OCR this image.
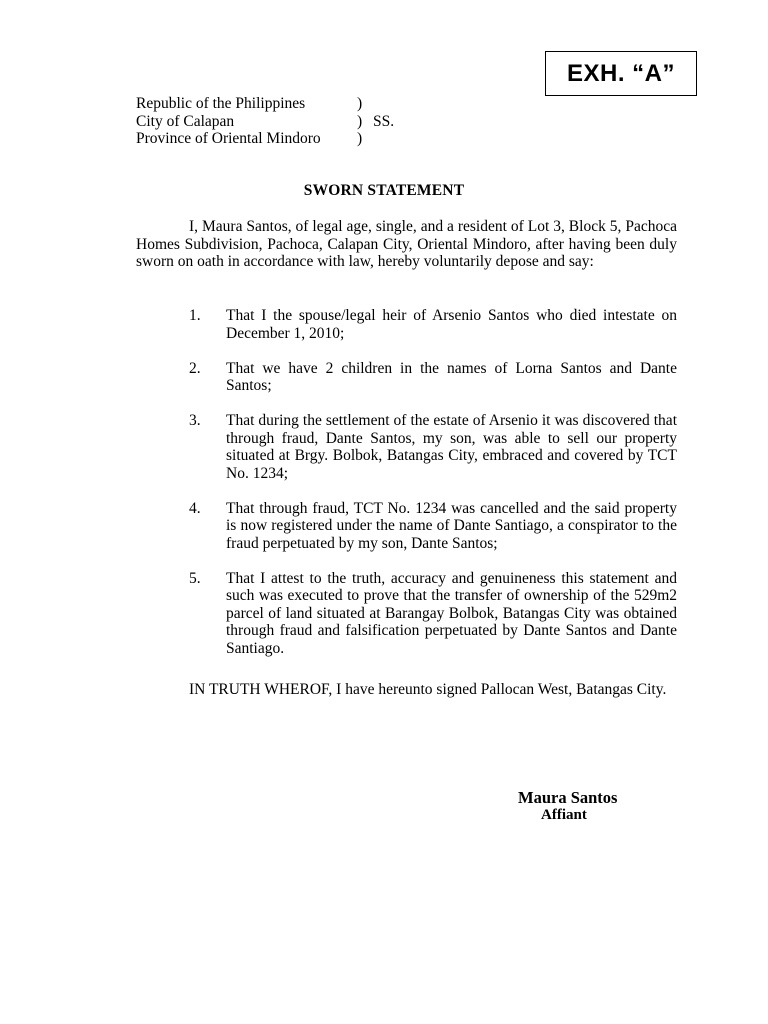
EXH. “A”
Republic of the Philippines	)
City of Calapan	) SS.
Province of Oriental Mindoro	)
SWORN STATEMENT

I, Maura Santos, of legal age, single, and a resident of Lot 3, Block 5, Pachoca Homes Subdivision, Pachoca, Calapan City, Oriental Mindoro, after having been duly sworn on oath in accordance with law, hereby voluntarily depose and say:

1.	That I the spouse/legal heir of Arsenio Santos who died intestate on December 1, 2010;
2.	That we have 2 children in the names of Lorna Santos and Dante Santos;
3.	That during the settlement of the estate of Arsenio it was discovered that through fraud, Dante Santos, my son, was able to sell our property situated at Brgy. Bolbok, Batangas City, embraced and covered by TCT No. 1234;
4.	That through fraud, TCT No. 1234 was cancelled and the said property is now registered under the name of Dante Santiago, a conspirator to the fraud perpetuated by my son, Dante Santos;
5.	That I attest to the truth, accuracy and genuineness this statement and such was executed to prove that the transfer of ownership of the 529m2 parcel of land situated at Barangay Bolbok, Batangas City was obtained through fraud and falsification perpetuated by Dante Santos and Dante Santiago.

IN TRUTH WHEROF, I have hereunto signed Pallocan West, Batangas City.

Maura Santos
Affiant
